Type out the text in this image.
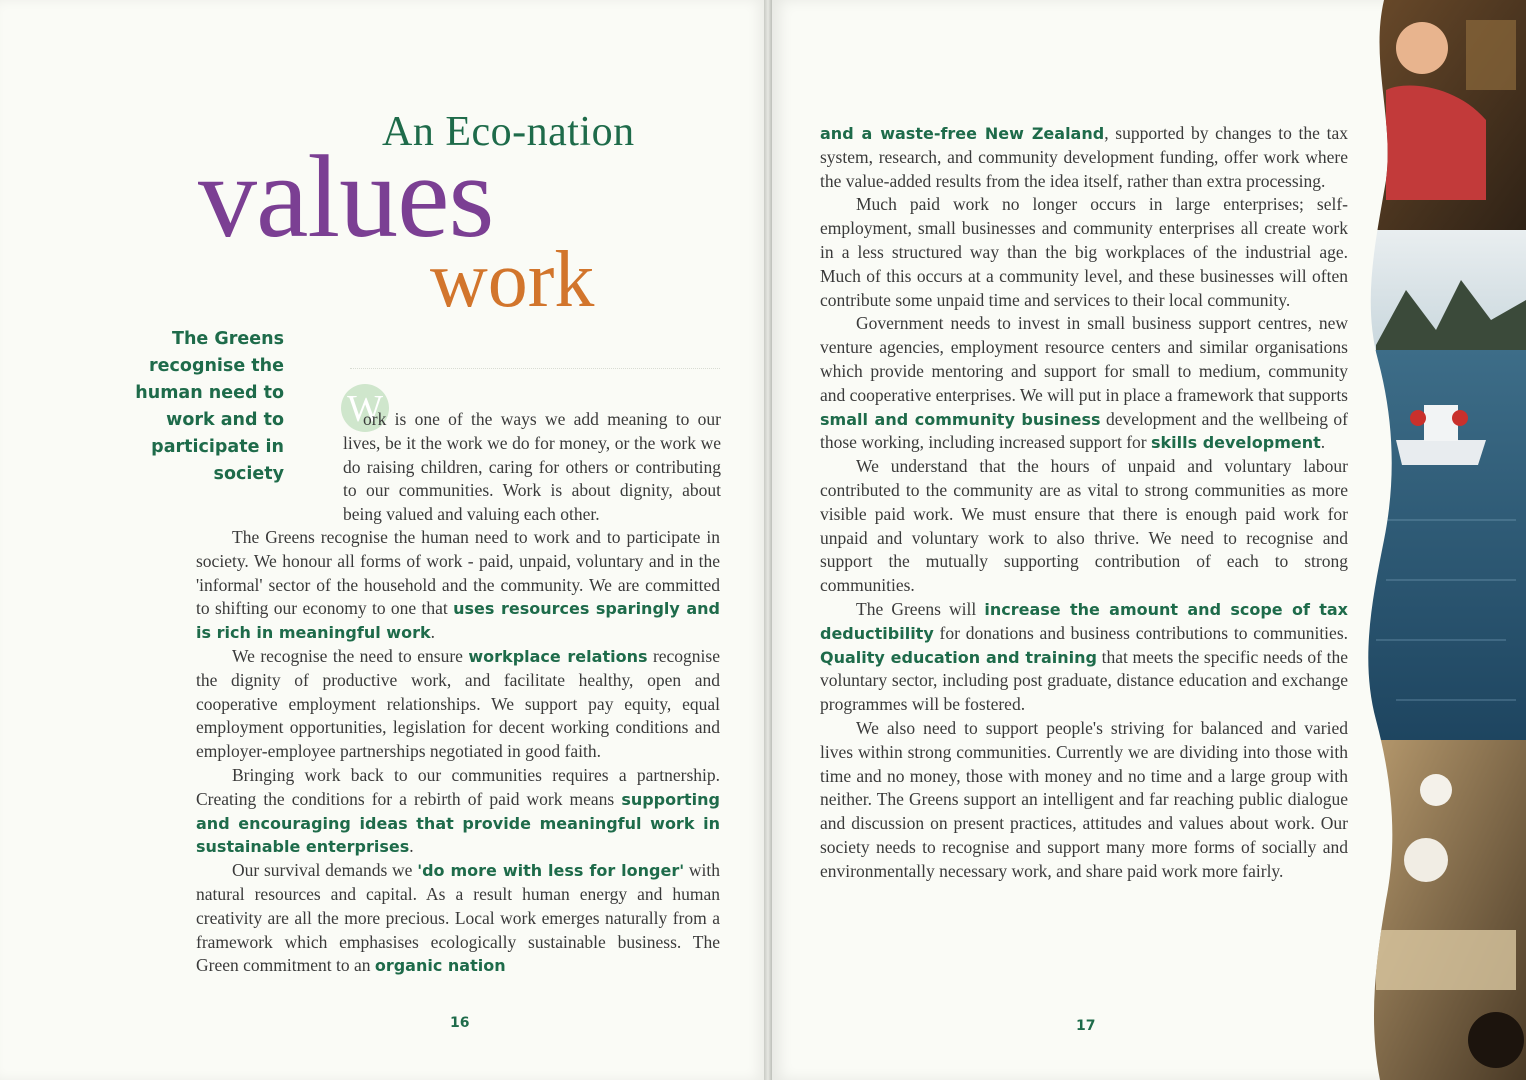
An Eco-nation
values
work
The Greens
recognise the
human need to
work and to
participate in
society
W

ork is one of the ways we add meaning to our lives, be it the work we do for money, or the work we do raising children, caring for others or contributing to our communities. Work is about dignity, about being valued and valuing each other.

The Greens recognise the human need to work and to participate in society. We honour all forms of work - paid, unpaid, voluntary and in the 'informal' sector of the household and the community. We are committed to shifting our economy to one that uses resources sparingly and is rich in meaningful work.

We recognise the need to ensure workplace relations recognise the dignity of productive work, and facilitate healthy, open and cooperative employment relationships. We support pay equity, equal employment opportunities, legislation for decent working conditions and employer-employee partnerships negotiated in good faith.

Bringing work back to our communities requires a partnership. Creating the conditions for a rebirth of paid work means supporting and encouraging ideas that provide meaningful work in sustainable enterprises.

Our survival demands we 'do more with less for longer' with natural resources and capital. As a result human energy and human creativity are all the more precious. Local work emerges naturally from a framework which emphasises ecologically sustainable business. The Green commitment to an organic nation

16

and a waste-free New Zealand, supported by changes to the tax system, research, and community development funding, offer work where the value-added results from the idea itself, rather than extra processing.

Much paid work no longer occurs in large enterprises; self-employment, small businesses and community enterprises all create work in a less structured way than the big workplaces of the industrial age. Much of this occurs at a community level, and these businesses will often contribute some unpaid time and services to their local community.

Government needs to invest in small business support centres, new venture agencies, employment resource centers and similar organisations which provide mentoring and support for small to medium, community and cooperative enterprises. We will put in place a framework that supports small and community business development and the wellbeing of those working, including increased support for skills development.

We understand that the hours of unpaid and voluntary labour contributed to the community are as vital to strong communities as more visible paid work. We must ensure that there is enough paid work for unpaid and voluntary work to also thrive. We need to recognise and support the mutually supporting contribution of each to strong communities.

The Greens will increase the amount and scope of tax deductibility for donations and business contributions to communities. Quality education and training that meets the specific needs of the voluntary sector, including post graduate, distance education and exchange programmes will be fostered.

We also need to support people's striving for balanced and varied lives within strong communities. Currently we are dividing into those with time and no money, those with money and no time and a large group with neither. The Greens support an intelligent and far reaching public dialogue and discussion on present practices, attitudes and values about work. Our society needs to recognise and support many more forms of socially and environmentally necessary work, and share paid work more fairly.

17
